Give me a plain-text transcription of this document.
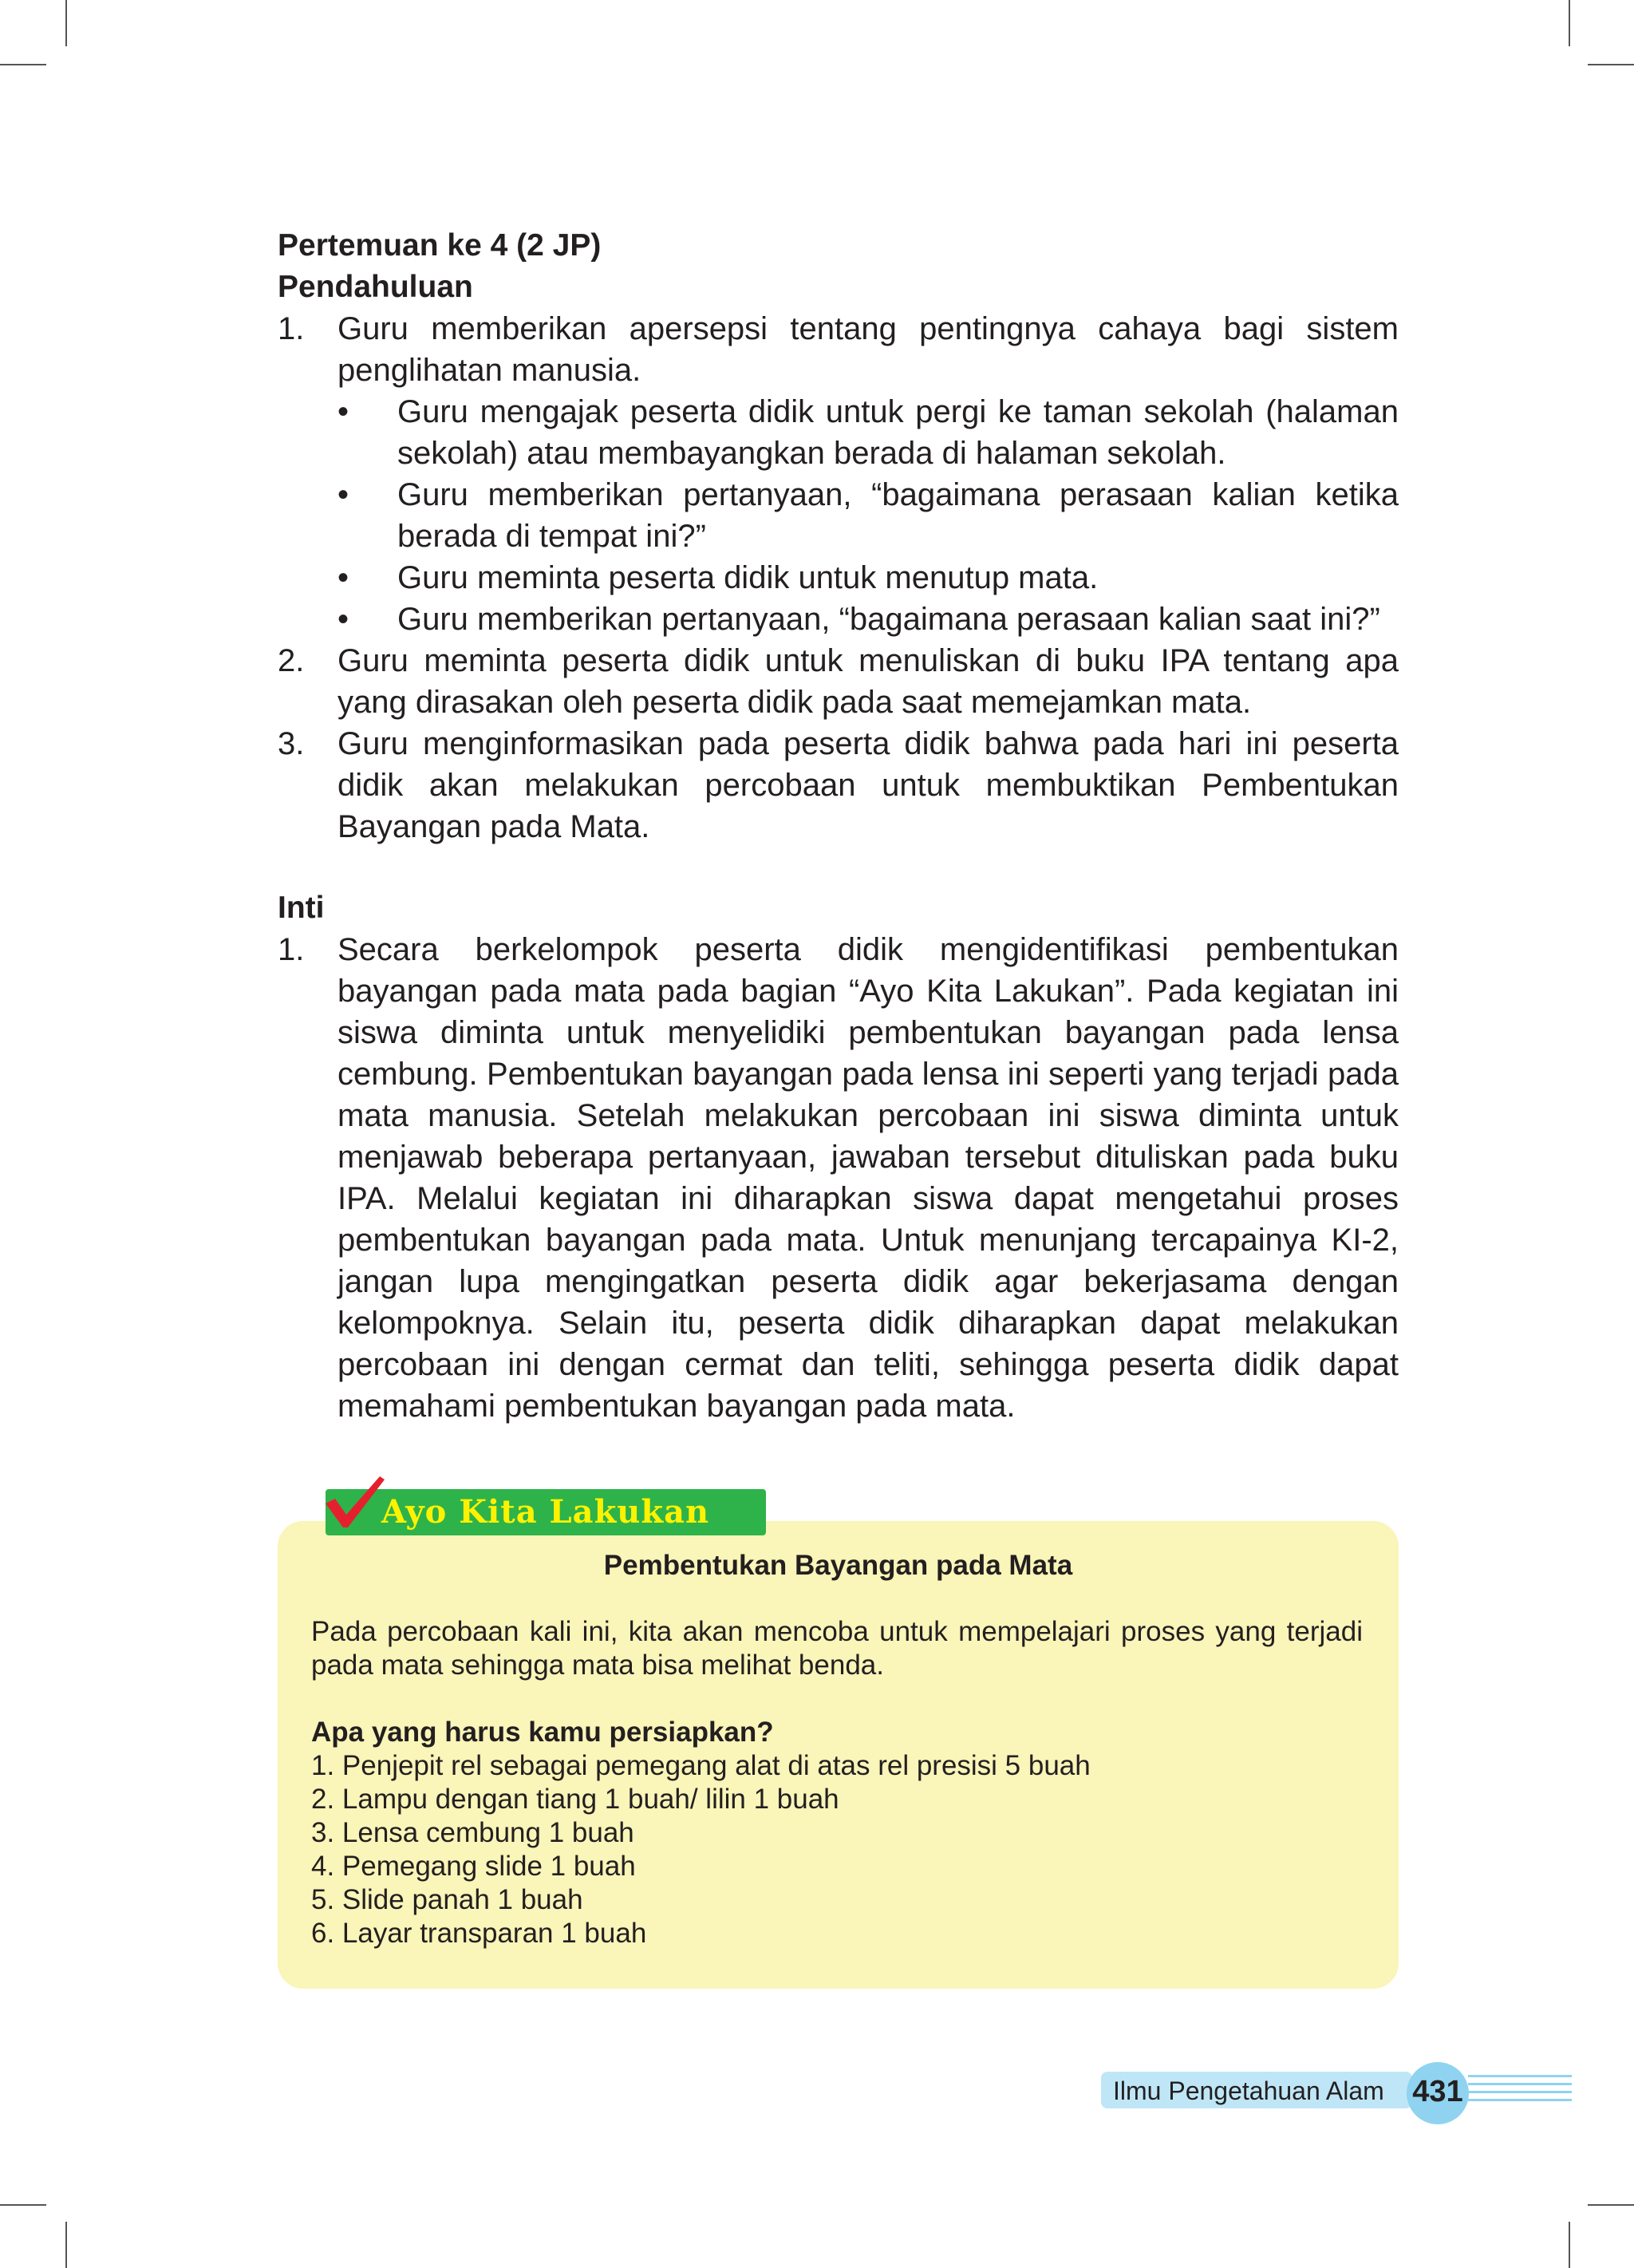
Pertemuan ke 4 (2 JP)
Pendahuluan
1. Guru memberikan apersepsi tentang pentingnya cahaya bagi sistem penglihatan manusia.
• Guru mengajak peserta didik untuk pergi ke taman sekolah (halaman sekolah) atau membayangkan berada di halaman sekolah.
• Guru memberikan pertanyaan, “bagaimana perasaan kalian ketika berada di tempat ini?”
• Guru meminta peserta didik untuk menutup mata.
• Guru memberikan pertanyaan, “bagaimana perasaan kalian saat ini?”
2. Guru meminta peserta didik untuk menuliskan di buku IPA tentang apa yang dirasakan oleh peserta didik pada saat memejamkan mata.
3. Guru menginformasikan pada peserta didik bahwa pada hari ini peserta didik akan melakukan percobaan untuk membuktikan Pembentukan Bayangan pada Mata.
Inti
1. Secara berkelompok peserta didik mengidentifikasi pembentukan bayangan pada mata pada bagian “Ayo Kita Lakukan”. Pada kegiatan ini siswa diminta untuk menyelidiki pembentukan bayangan pada lensa cembung. Pembentukan bayangan pada lensa ini seperti yang terjadi pada mata manusia. Setelah melakukan percobaan ini siswa diminta untuk menjawab beberapa pertanyaan, jawaban tersebut dituliskan pada buku IPA. Melalui kegiatan ini diharapkan siswa dapat mengetahui proses pembentukan bayangan pada mata. Untuk menunjang tercapainya KI-2, jangan lupa mengingatkan peserta didik agar bekerjasama dengan kelompoknya. Selain itu, peserta didik diharapkan dapat melakukan percobaan ini dengan cermat dan teliti, sehingga peserta didik dapat memahami pembentukan bayangan pada mata.
Ayo Kita Lakukan
Pembentukan Bayangan pada Mata
Pada percobaan kali ini, kita akan mencoba untuk mempelajari proses yang terjadi pada mata sehingga mata bisa melihat benda.
Apa yang harus kamu persiapkan?
1. Penjepit rel sebagai pemegang alat di atas rel presisi 5 buah
2. Lampu dengan tiang 1 buah/ lilin 1 buah
3. Lensa cembung 1 buah
4. Pemegang slide 1 buah
5. Slide panah 1 buah
6. Layar transparan 1 buah
Ilmu Pengetahuan Alam 431
